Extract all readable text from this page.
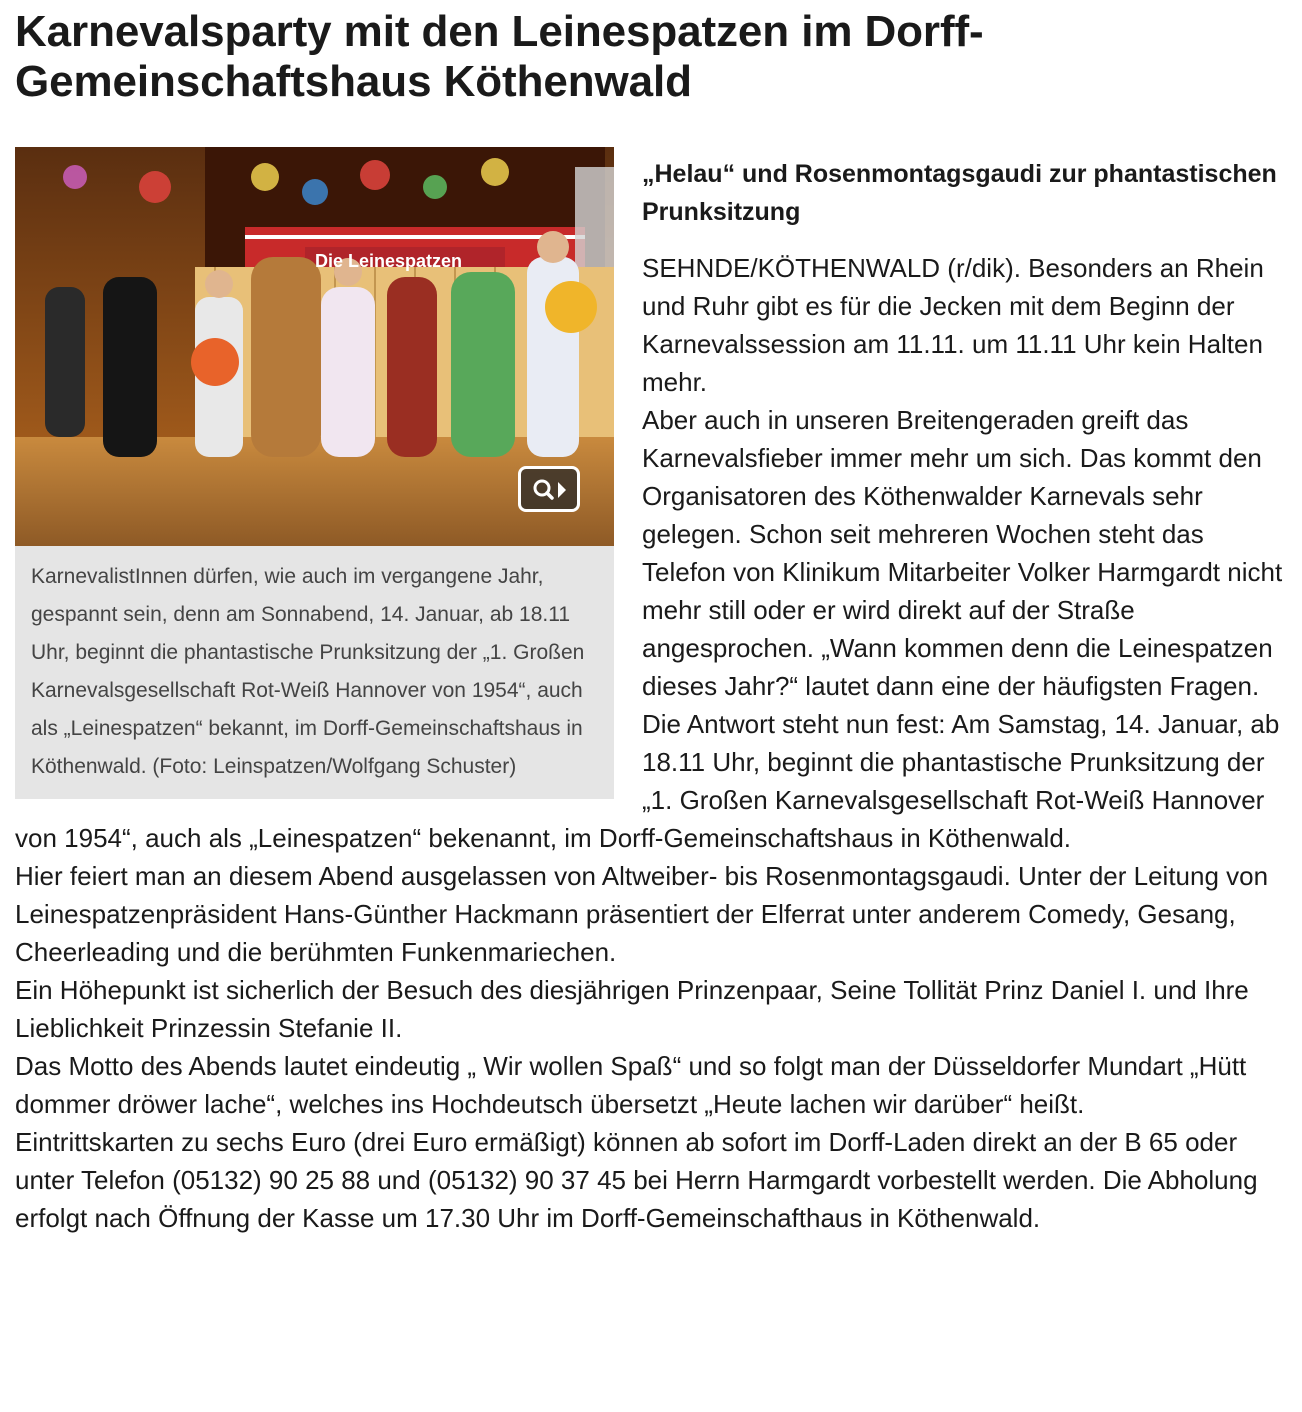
Karnevalsparty mit den Leinespatzen im Dorff-Gemeinschaftshaus Köthenwald
Die Leinespatzen
KarnevalistInnen dürfen, wie auch im vergangene Jahr, gespannt sein, denn am Sonnabend, 14. Januar, ab 18.11 Uhr, beginnt die phantastische Prunksitzung der „1. Großen Karnevalsgesellschaft Rot-Weiß Hannover von 1954“, auch als „Leinespatzen“ bekannt, im Dorff-Gemeinschaftshaus in Köthenwald. (Foto: Leinspatzen/Wolfgang Schuster)
„Helau“ und Rosenmontagsgaudi zur phantastischen Prunksitzung

SEHNDE/KÖTHENWALD (r/dik). Besonders an Rhein und Ruhr gibt es für die Jecken mit dem Beginn der Karnevalssession am 11.11. um 11.11 Uhr kein Halten mehr.

Aber auch in unseren Breitengeraden greift das Karnevalsfieber immer mehr um sich. Das kommt den Organisatoren des Köthenwalder Karnevals sehr gelegen. Schon seit mehreren Wochen steht das Telefon von Klinikum Mitarbeiter Volker Harmgardt nicht mehr still oder er wird direkt auf der Straße angesprochen. „Wann kommen denn die Leinespatzen dieses Jahr?“ lautet dann eine der häufigsten Fragen.

Die Antwort steht nun fest: Am Samstag, 14. Januar, ab 18.11 Uhr, beginnt die phantastische Prunksitzung der „1. Großen Karnevalsgesellschaft Rot-Weiß Hannover von 1954“, auch als „Leinespatzen“ bekenannt, im Dorff-Gemeinschaftshaus in Köthenwald.

Hier feiert man an diesem Abend ausgelassen von Altweiber- bis Rosenmontagsgaudi. Unter der Leitung von Leinespatzenpräsident Hans-Günther Hackmann präsentiert der Elferrat unter anderem Comedy, Gesang, Cheerleading und die berühmten Funkenmariechen.

Ein Höhepunkt ist sicherlich der Besuch des diesjährigen Prinzenpaar, Seine Tollität Prinz Daniel I. und Ihre Lieblichkeit Prinzessin Stefanie II.

Das Motto des Abends lautet eindeutig „ Wir wollen Spaß“ und so folgt man der Düsseldorfer Mundart „Hütt dommer dröwer lache“, welches ins Hochdeutsch übersetzt „Heute lachen wir darüber“ heißt.

Eintrittskarten zu sechs Euro (drei Euro ermäßigt) können ab sofort im Dorff-Laden direkt an der B 65 oder unter Telefon (05132) 90 25 88 und (05132) 90 37 45 bei Herrn Harmgardt vorbestellt werden. Die Abholung erfolgt nach Öffnung der Kasse um 17.30 Uhr im Dorff-Gemeinschafthaus in Köthenwald.
